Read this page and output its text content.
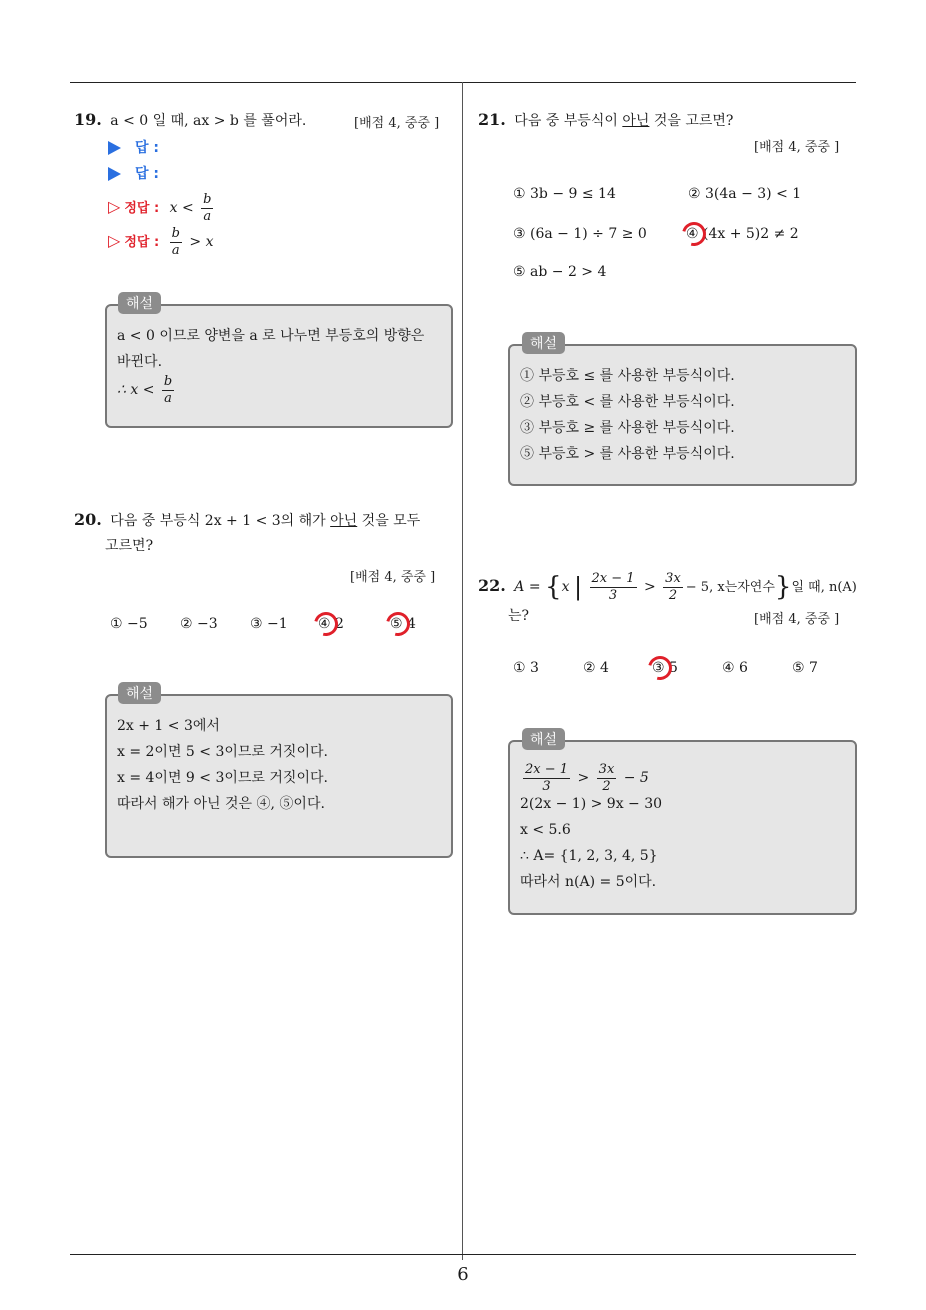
6
19. a < 0 일 때, ax > b 를 풀어라.	[배점 4, 중중 ]
답 :
답 :
▷ 정답 : $x < \frac{b}{a}$
▷ 정답 : $\frac{b}{a} > x$
a < 0 이므로 양변을 a 로 나누면 부등호의 방향은
바뀐다.
∴ $x < \frac{b}{a}$
해설
20. 다음 중 부등식 2x + 1 < 3의 해가 아닌 것을 모두
고르면?
[배점 4, 중중 ]
① −5 ② −3 ③ −1 ④ 2	⑤ 4
2x + 1 < 3에서
x = 2이면 5 < 3이므로 거짓이다.
x = 4이면 9 < 3이므로 거짓이다.
따라서 해가 아닌 것은 ④, ⑤이다.
해설
21. 다음 중 부등식이 아닌 것을 고르면?
[배점 4, 중중 ]
① 3b − 9 ≤ 14	② 3(4a − 3) < 1
③ (6a − 1) ÷ 7 ≥ 0	④ (4x + 5)2 ≠ 2
⑤ ab − 2 > 4
① 부등호 ≤ 를 사용한 부등식이다.
② 부등호 < 를 사용한 부등식이다.
③ 부등호 ≥ 를 사용한 부등식이다.
⑤ 부등호 > 를 사용한 부등식이다.
해설
22. A = {x | $\frac{2x - 1}{3} > \frac{3x}{2} - 5$, x는자연수}일 때, n(A)
는?	[배점 4, 중중 ]
① 3	② 4	③ 5	④ 6	⑤ 7
$\frac{2x - 1}{3} > \frac{3x}{2} - 5$
2(2x − 1) > 9x − 30
x < 5.6
∴ A= {1, 2, 3, 4, 5}
따라서 n(A) = 5이다.
해설
